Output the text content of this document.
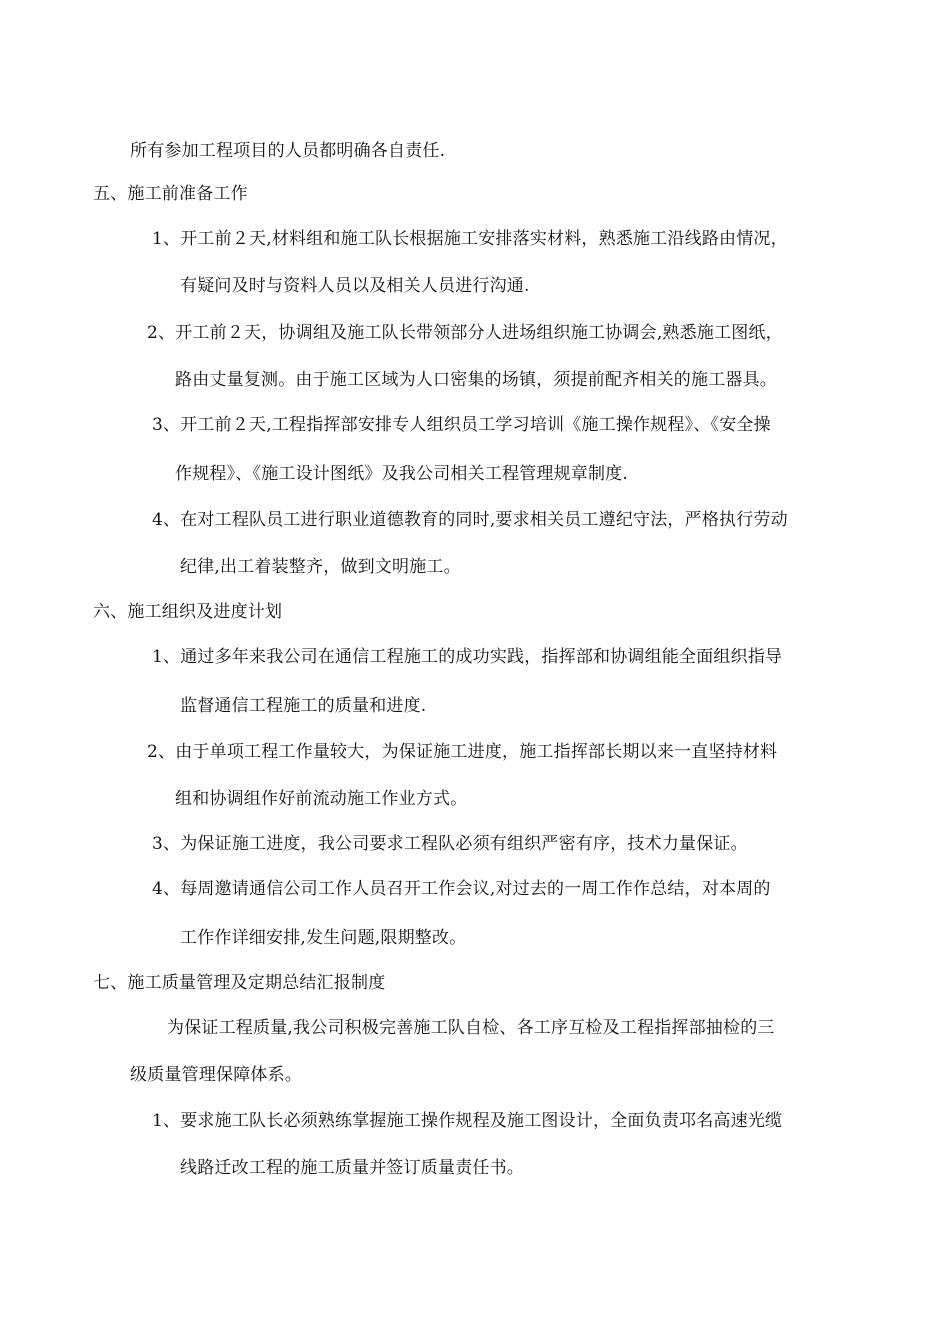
所有参加工程项目的人员都明确各自责任.
五、施工前准备工作
1、开工前２天,材料组和施工队长根据施工安排落实材料，熟悉施工沿线路由情况，
有疑问及时与资料人员以及相关人员进行沟通.
2、开工前２天，协调组及施工队长带领部分人进场组织施工协调会,熟悉施工图纸，
路由丈量复测。由于施工区域为人口密集的场镇，须提前配齐相关的施工器具。
3、开工前２天,工程指挥部安排专人组织员工学习培训《施工操作规程》、《安全操
作规程》、《施工设计图纸》及我公司相关工程管理规章制度.
4、在对工程队员工进行职业道德教育的同时,要求相关员工遵纪守法，严格执行劳动
纪律,出工着装整齐，做到文明施工。
六、施工组织及进度计划
1、通过多年来我公司在通信工程施工的成功实践，指挥部和协调组能全面组织指导
监督通信工程施工的质量和进度.
2、由于单项工程工作量较大，为保证施工进度，施工指挥部长期以来一直坚持材料
组和协调组作好前流动施工作业方式。
3、为保证施工进度，我公司要求工程队必须有组织严密有序，技术力量保证。
4、每周邀请通信公司工作人员召开工作会议,对过去的一周工作作总结，对本周的
工作作详细安排,发生问题,限期整改。
七、施工质量管理及定期总结汇报制度
为保证工程质量,我公司积极完善施工队自检、各工序互检及工程指挥部抽检的三
级质量管理保障体系。
1、要求施工队长必须熟练掌握施工操作规程及施工图设计，全面负责邛名高速光缆
线路迁改工程的施工质量并签订质量责任书。
